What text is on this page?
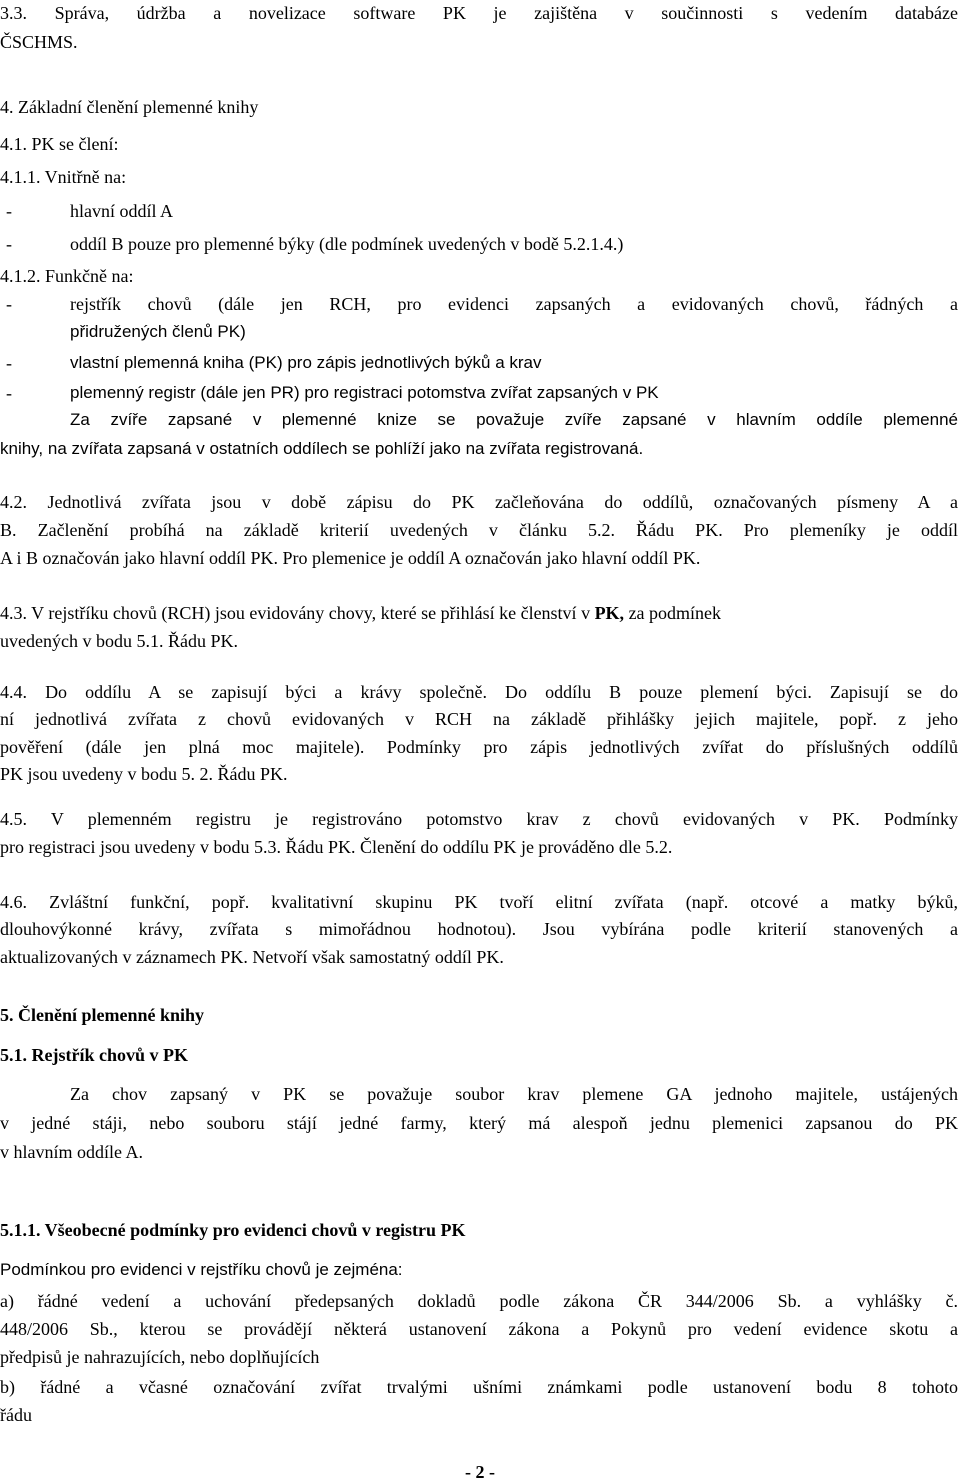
3.3. Správa, údržba a novelizace software PK je zajištěna v součinnosti s vedením databáze
ČSCHMS.
4. Základní členění plemenné knihy
4.1. PK se člení:
4.1.1. Vnitřně na:
-	hlavní oddíl A
-	oddíl B pouze pro plemenné býky (dle podmínek uvedených v bodě 5.2.1.4.)
4.1.2. Funkčně na:
-	rejstřík chovů (dále jen RCH, pro evidenci zapsaných a evidovaných chovů, řádných a
přidružených členů PK)
-	vlastní plemenná kniha (PK) pro zápis jednotlivých býků a krav
-	plemenný registr (dále jen PR) pro registraci potomstva zvířat zapsaných v PK
Za zvíře zapsané v plemenné knize se považuje zvíře zapsané v hlavním oddíle plemenné
knihy, na zvířata zapsaná v ostatních oddílech se pohlíží jako na zvířata registrovaná.
4.2. Jednotlivá zvířata jsou v době zápisu do PK začleňována do oddílů, označovaných písmeny A a
B. Začlenění probíhá na základě kriterií uvedených v článku 5.2. Řádu PK. Pro plemeníky je oddíl
A i B označován jako hlavní oddíl PK. Pro plemenice je oddíl A označován jako hlavní oddíl PK.
4.3. V rejstříku chovů (RCH) jsou evidovány chovy, které se přihlásí ke členství v PK, za podmínek
uvedených v bodu 5.1. Řádu PK.
4.4. Do oddílu A se zapisují býci a krávy společně. Do oddílu B pouze plemení býci. Zapisují se do
ní jednotlivá zvířata z chovů evidovaných v RCH na základě přihlášky jejich majitele, popř. z jeho
pověření (dále jen plná moc majitele). Podmínky pro zápis jednotlivých zvířat do příslušných oddílů
PK jsou uvedeny v bodu 5. 2. Řádu PK.
4.5. V plemenném registru je registrováno potomstvo krav z chovů evidovaných v PK. Podmínky
pro registraci jsou uvedeny v bodu 5.3. Řádu PK. Členění do oddílu PK je prováděno dle 5.2.
4.6. Zvláštní funkční, popř. kvalitativní skupinu PK tvoří elitní zvířata (např. otcové a matky býků,
dlouhovýkonné krávy, zvířata s mimořádnou hodnotou). Jsou vybírána podle kriterií stanovených a
aktualizovaných v záznamech PK. Netvoří však samostatný oddíl PK.
5. Členění plemenné knihy
5.1. Rejstřík chovů v PK
Za chov zapsaný v PK se považuje soubor krav plemene GA jednoho majitele, ustájených
v jedné stáji, nebo souboru stájí jedné farmy, který má alespoň jednu plemenici zapsanou do PK
v hlavním oddíle A.
5.1.1. Všeobecné podmínky pro evidenci chovů v registru PK
Podmínkou pro evidenci v rejstříku chovů je zejména:
a) řádné vedení a uchování předepsaných dokladů podle zákona ČR 344/2006 Sb. a vyhlášky č.
448/2006 Sb., kterou se provádějí některá ustanovení zákona a Pokynů pro vedení evidence skotu a
předpisů je nahrazujících, nebo doplňujících
b) řádné a včasné označování zvířat trvalými ušními známkami podle ustanovení bodu 8 tohoto
řádu
- 2 -
